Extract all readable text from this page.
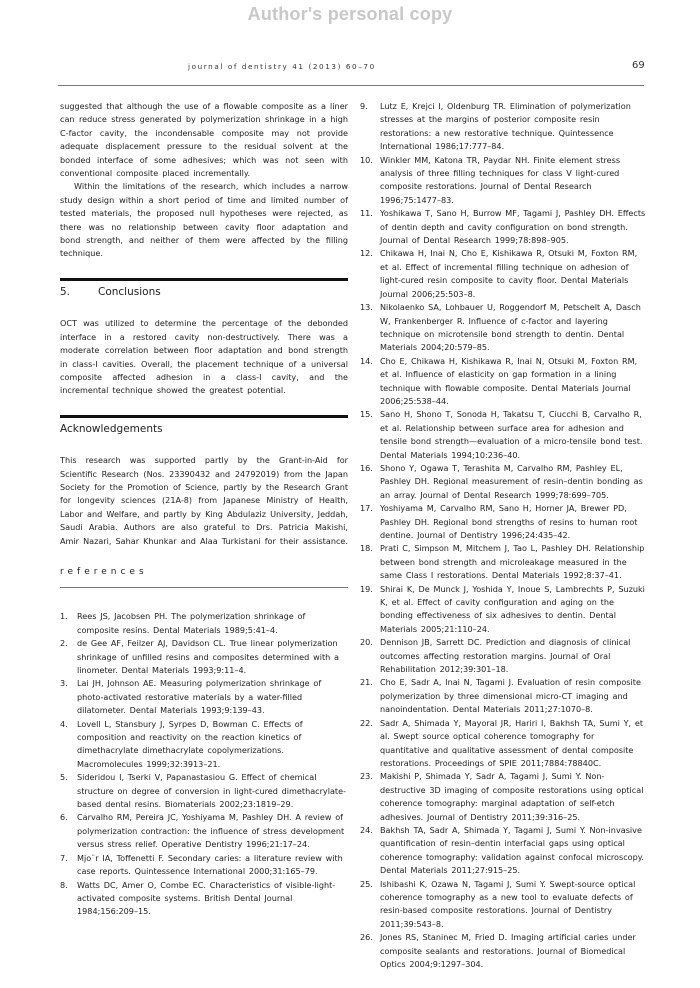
Author's personal copy
journal of dentistry 41 (2013) 60–70	69

suggested that although the use of a flowable composite as a liner can reduce stress generated by polymerization shrinkage in a high C-factor cavity, the incondensable composite may not provide adequate displacement pressure to the residual solvent at the bonded interface of some adhesives; which was not seen with conventional composite placed incrementally.

Within the limitations of the research, which includes a narrow study design within a short period of time and limited number of tested materials, the proposed null hypotheses were rejected, as there was no relationship between cavity floor adaptation and bond strength, and neither of them were affected by the filling technique.

5.	Conclusions

OCT was utilized to determine the percentage of the debonded interface in a restored cavity non-destructively. There was a moderate correlation between floor adaptation and bond strength in class-I cavities. Overall, the placement technique of a universal composite affected adhesion in a class-I cavity, and the incremental technique showed the greatest potential.

Acknowledgements

This research was supported partly by the Grant-in-Aid for Scientific Research (Nos. 23390432 and 24792019) from the Japan Society for the Promotion of Science, partly by the Research Grant for longevity sciences (21A-8) from Japanese Ministry of Health, Labor and Welfare, and partly by King Abdulaziz University, Jeddah, Saudi Arabia. Authors are also grateful to Drs. Patricia Makishi, Amir Nazari, Sahar Khunkar and Alaa Turkistani for their assistance.

references
1. Rees JS, Jacobsen PH. The polymerization shrinkage of composite resins. Dental Materials 1989;5:41–4.
2. de Gee AF, Feilzer AJ, Davidson CL. True linear polymerization shrinkage of unfilled resins and composites determined with a linometer. Dental Materials 1993;9:11–4.
3. Lai JH, Johnson AE. Measuring polymerization shrinkage of photo-activated restorative materials by a water-filled dilatometer. Dental Materials 1993;9:139–43.
4. Lovell L, Stansbury J, Syrpes D, Bowman C. Effects of composition and reactivity on the reaction kinetics of dimethacrylate dimethacrylate copolymerizations. Macromolecules 1999;32:3913–21.
5. Sideridou I, Tserki V, Papanastasiou G. Effect of chemical structure on degree of conversion in light-cured dimethacrylate-based dental resins. Biomaterials 2002;23:1819–29.
6. Carvalho RM, Pereira JC, Yoshiyama M, Pashley DH. A review of polymerization contraction: the influence of stress development versus stress relief. Operative Dentistry 1996;21:17–24.
7. Mjo¨r IA, Toffenetti F. Secondary caries: a literature review with case reports. Quintessence International 2000;31:165–79.
8. Watts DC, Amer O, Combe EC. Characteristics of visible-light-activated composite systems. British Dental Journal 1984;156:209–15.
9. Lutz E, Krejci I, Oldenburg TR. Elimination of polymerization stresses at the margins of posterior composite resin restorations: a new restorative technique. Quintessence International 1986;17:777–84.
10. Winkler MM, Katona TR, Paydar NH. Finite element stress analysis of three filling techniques for class V light-cured composite restorations. Journal of Dental Research 1996;75:1477–83.
11. Yoshikawa T, Sano H, Burrow MF, Tagami J, Pashley DH. Effects of dentin depth and cavity configuration on bond strength. Journal of Dental Research 1999;78:898–905.
12. Chikawa H, Inai N, Cho E, Kishikawa R, Otsuki M, Foxton RM, et al. Effect of incremental filling technique on adhesion of light-cured resin composite to cavity floor. Dental Materials Journal 2006;25:503–8.
13. Nikolaenko SA, Lohbauer U, Roggendorf M, Petschelt A, Dasch W, Frankenberger R. Influence of c-factor and layering technique on microtensile bond strength to dentin. Dental Materials 2004;20:579–85.
14. Cho E, Chikawa H, Kishikawa R, Inai N, Otsuki M, Foxton RM, et al. Influence of elasticity on gap formation in a lining technique with flowable composite. Dental Materials Journal 2006;25:538–44.
15. Sano H, Shono T, Sonoda H, Takatsu T, Ciucchi B, Carvalho R, et al. Relationship between surface area for adhesion and tensile bond strength—evaluation of a micro-tensile bond test. Dental Materials 1994;10:236–40.
16. Shono Y, Ogawa T, Terashita M, Carvalho RM, Pashley EL, Pashley DH. Regional measurement of resin–dentin bonding as an array. Journal of Dental Research 1999;78:699–705.
17. Yoshiyama M, Carvalho RM, Sano H, Horner JA, Brewer PD, Pashley DH. Regional bond strengths of resins to human root dentine. Journal of Dentistry 1996;24:435–42.
18. Prati C, Simpson M, Mitchem J, Tao L, Pashley DH. Relationship between bond strength and microleakage measured in the same Class I restorations. Dental Materials 1992;8:37–41.
19. Shirai K, De Munck J, Yoshida Y, Inoue S, Lambrechts P, Suzuki K, et al. Effect of cavity configuration and aging on the bonding effectiveness of six adhesives to dentin. Dental Materials 2005;21:110–24.
20. Dennison JB, Sarrett DC. Prediction and diagnosis of clinical outcomes affecting restoration margins. Journal of Oral Rehabilitation 2012;39:301–18.
21. Cho E, Sadr A, Inai N, Tagami J. Evaluation of resin composite polymerization by three dimensional micro-CT imaging and nanoindentation. Dental Materials 2011;27:1070–8.
22. Sadr A, Shimada Y, Mayoral JR, Hariri I, Bakhsh TA, Sumi Y, et al. Swept source optical coherence tomography for quantitative and qualitative assessment of dental composite restorations. Proceedings of SPIE 2011;7884:78840C.
23. Makishi P, Shimada Y, Sadr A, Tagami J, Sumi Y. Non-destructive 3D imaging of composite restorations using optical coherence tomography: marginal adaptation of self-etch adhesives. Journal of Dentistry 2011;39:316–25.
24. Bakhsh TA, Sadr A, Shimada Y, Tagami J, Sumi Y. Non-invasive quantification of resin–dentin interfacial gaps using optical coherence tomography: validation against confocal microscopy. Dental Materials 2011;27:915–25.
25. Ishibashi K, Ozawa N, Tagami J, Sumi Y. Swept-source optical coherence tomography as a new tool to evaluate defects of resin-based composite restorations. Journal of Dentistry 2011;39:543–8.
26. Jones RS, Staninec M, Fried D. Imaging artificial caries under composite sealants and restorations. Journal of Biomedical Optics 2004;9:1297–304.
